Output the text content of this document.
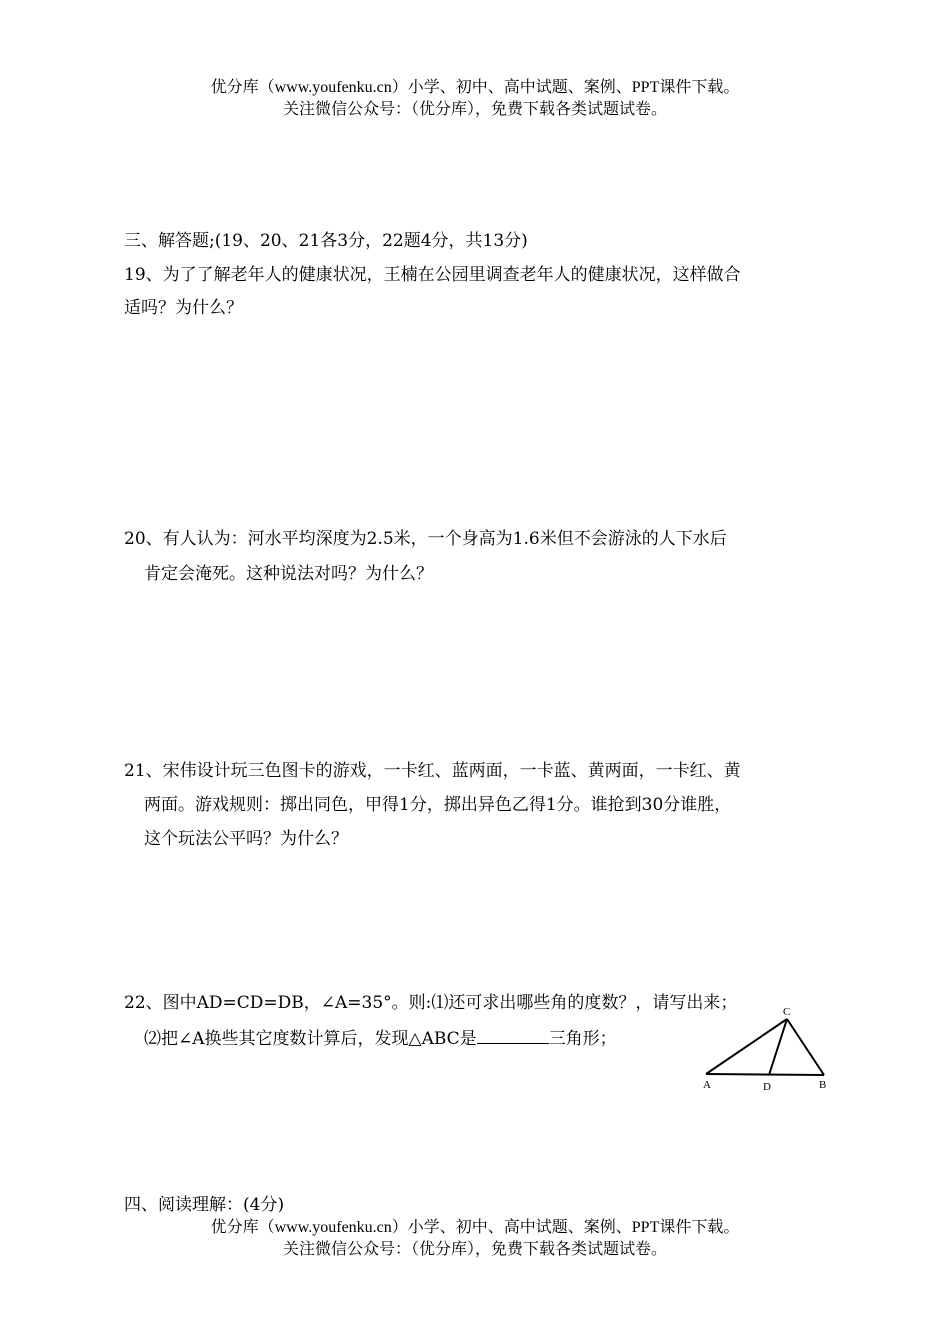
优分库（www.youfenku.cn）小学、初中、高中试题、案例、PPT课件下载。
关注微信公众号：（优分库），免费下载各类试题试卷。
三、解答题;(19、20、21各3分，22题4分，共13分)
19、为了了解老年人的健康状况，王楠在公园里调查老年人的健康状况，这样做合
适吗？为什么？
20、有人认为：河水平均深度为2.5米，一个身高为1.6米但不会游泳的人下水后
肯定会淹死。这种说法对吗？为什么？
21、宋伟设计玩三色图卡的游戏，一卡红、蓝两面，一卡蓝、黄两面，一卡红、黄
两面。游戏规则：掷出同色，甲得1分，掷出异色乙得1分。谁抢到30分谁胜，
这个玩法公平吗？为什么？
22、图中AD=CD=DB，∠A=35°。则:⑴还可求出哪些角的度数？，请写出来；
⑵把∠A换些其它度数计算后，发现△ABC是	三角形；
A	B
C
D
四、阅读理解：(4分)
优分库（www.youfenku.cn）小学、初中、高中试题、案例、PPT课件下载。
关注微信公众号：（优分库），免费下载各类试题试卷。
